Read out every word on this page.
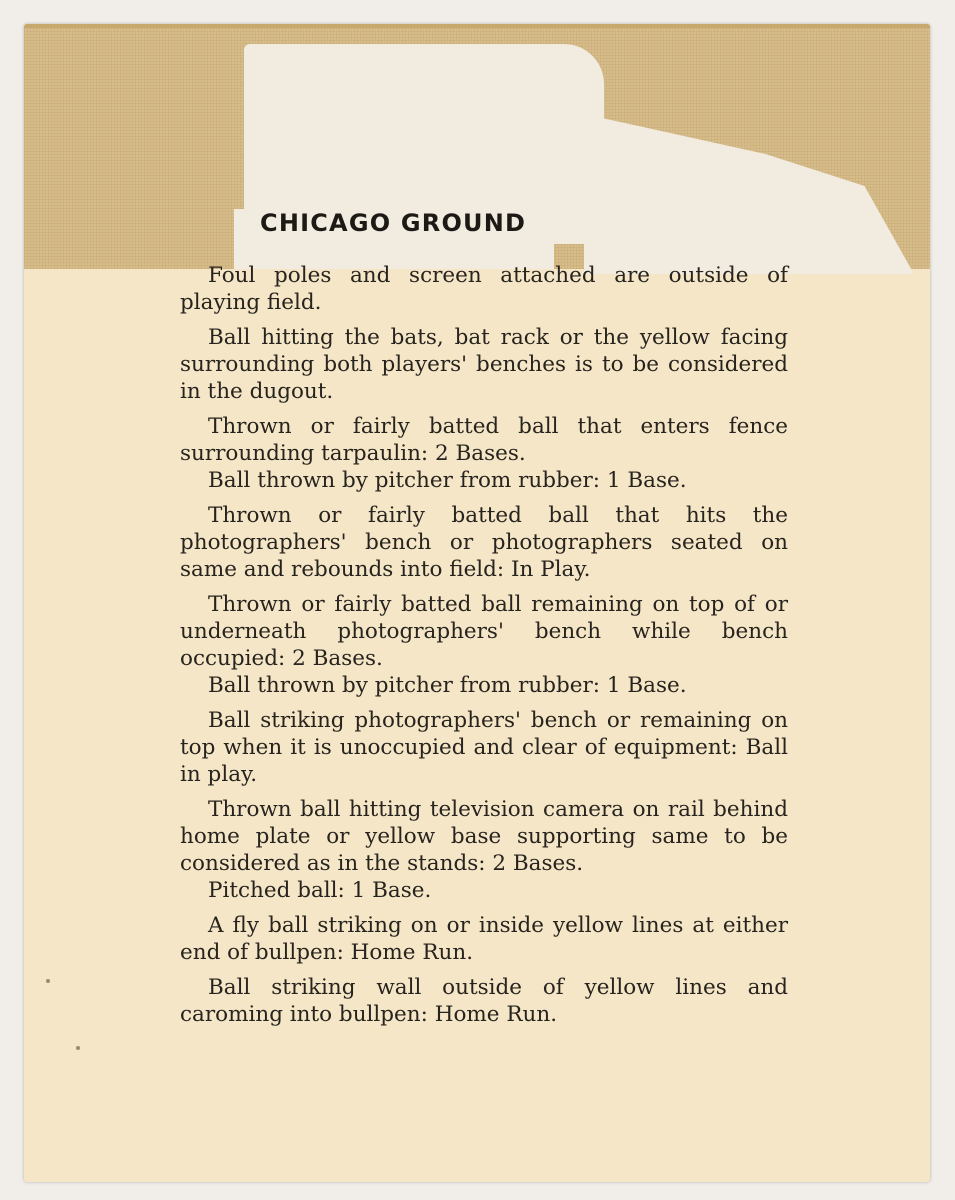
CHICAGO GROUND

Foul poles and screen attached are outside of playing field.

Ball hitting the bats, bat rack or the yellow facing surrounding both players' benches is to be considered in the dugout.

Thrown or fairly batted ball that enters fence surrounding tarpaulin: 2 Bases.

Ball thrown by pitcher from rubber: 1 Base.

Thrown or fairly batted ball that hits the photographers' bench or photographers seated on same and rebounds into field: In Play.

Thrown or fairly batted ball remaining on top of or underneath photographers' bench while bench occupied: 2 Bases.

Ball thrown by pitcher from rubber: 1 Base.

Ball striking photographers' bench or remaining on top when it is unoccupied and clear of equipment: Ball in play.

Thrown ball hitting television camera on rail behind home plate or yellow base supporting same to be considered as in the stands: 2 Bases.

Pitched ball: 1 Base.

A fly ball striking on or inside yellow lines at either end of bullpen: Home Run.

Ball striking wall outside of yellow lines and caroming into bullpen: Home Run.
